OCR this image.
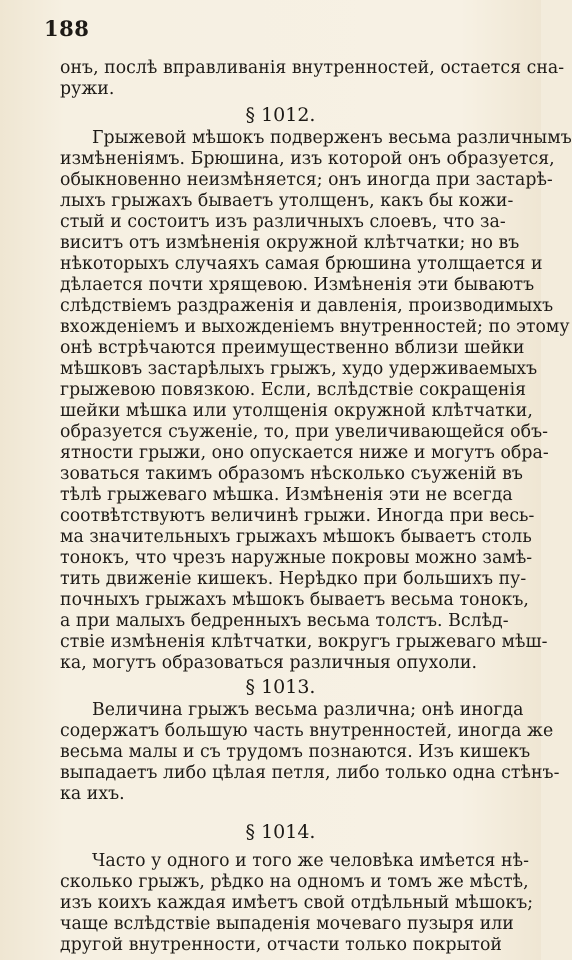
188
онъ, послѣ вправливанія внутренностей, остается сна-
ружи.
§ 1012.
Грыжевой мѣшокъ подверженъ весьма различнымъ
измѣненіямъ. Брюшина, изъ которой онъ образуется,
обыкновенно неизмѣняется; онъ иногда при застарѣ-
лыхъ грыжахъ бываетъ утолщенъ, какъ бы кожи-
стый и состоитъ изъ различныхъ слоевъ, что за-
виситъ отъ измѣненія окружной клѣтчатки; но въ
нѣкоторыхъ случаяхъ самая брюшина утолщается и
дѣлается почти хрящевою. Измѣненія эти бываютъ
слѣдствіемъ раздраженія и давленія, производимыхъ
вхожденіемъ и выхожденіемъ внутренностей; по этому
онѣ встрѣчаются преимущественно вблизи шейки
мѣшковъ застарѣлыхъ грыжъ, худо удерживаемыхъ
грыжевою повязкою. Если, вслѣдствіе сокращенія
шейки мѣшка или утолщенія окружной клѣтчатки,
образуется съуженіе, то, при увеличивающейся объ-
ятности грыжи, оно опускается ниже и могутъ обра-
зоваться такимъ образомъ нѣсколько съуженій въ
тѣлѣ грыжеваго мѣшка. Измѣненія эти не всегда
соотвѣтствуютъ величинѣ грыжи. Иногда при весь-
ма значительныхъ грыжахъ мѣшокъ бываетъ столь
тонокъ, что чрезъ наружные покровы можно замѣ-
тить движеніе кишекъ. Нерѣдко при большихъ пу-
почныхъ грыжахъ мѣшокъ бываетъ весьма тонокъ,
а при малыхъ бедренныхъ весьма толстъ. Вслѣд-
ствіе измѣненія клѣтчатки, вокругъ грыжеваго мѣш-
ка, могутъ образоваться различныя опухоли.
§ 1013.
Величина грыжъ весьма различна; онѣ иногда
содержатъ большую часть внутренностей, иногда же
весьма малы и съ трудомъ познаются. Изъ кишекъ
выпадаетъ либо цѣлая петля, либо только одна стѣнъ-
ка ихъ.
§ 1014.
Часто у одного и того же человѣка имѣется нѣ-
сколько грыжъ, рѣдко на одномъ и томъ же мѣстѣ,
изъ коихъ каждая имѣетъ свой отдѣльный мѣшокъ;
чаще вслѣдствіе выпаденія мочеваго пузыря или
другой внутренности, отчасти только покрытой
